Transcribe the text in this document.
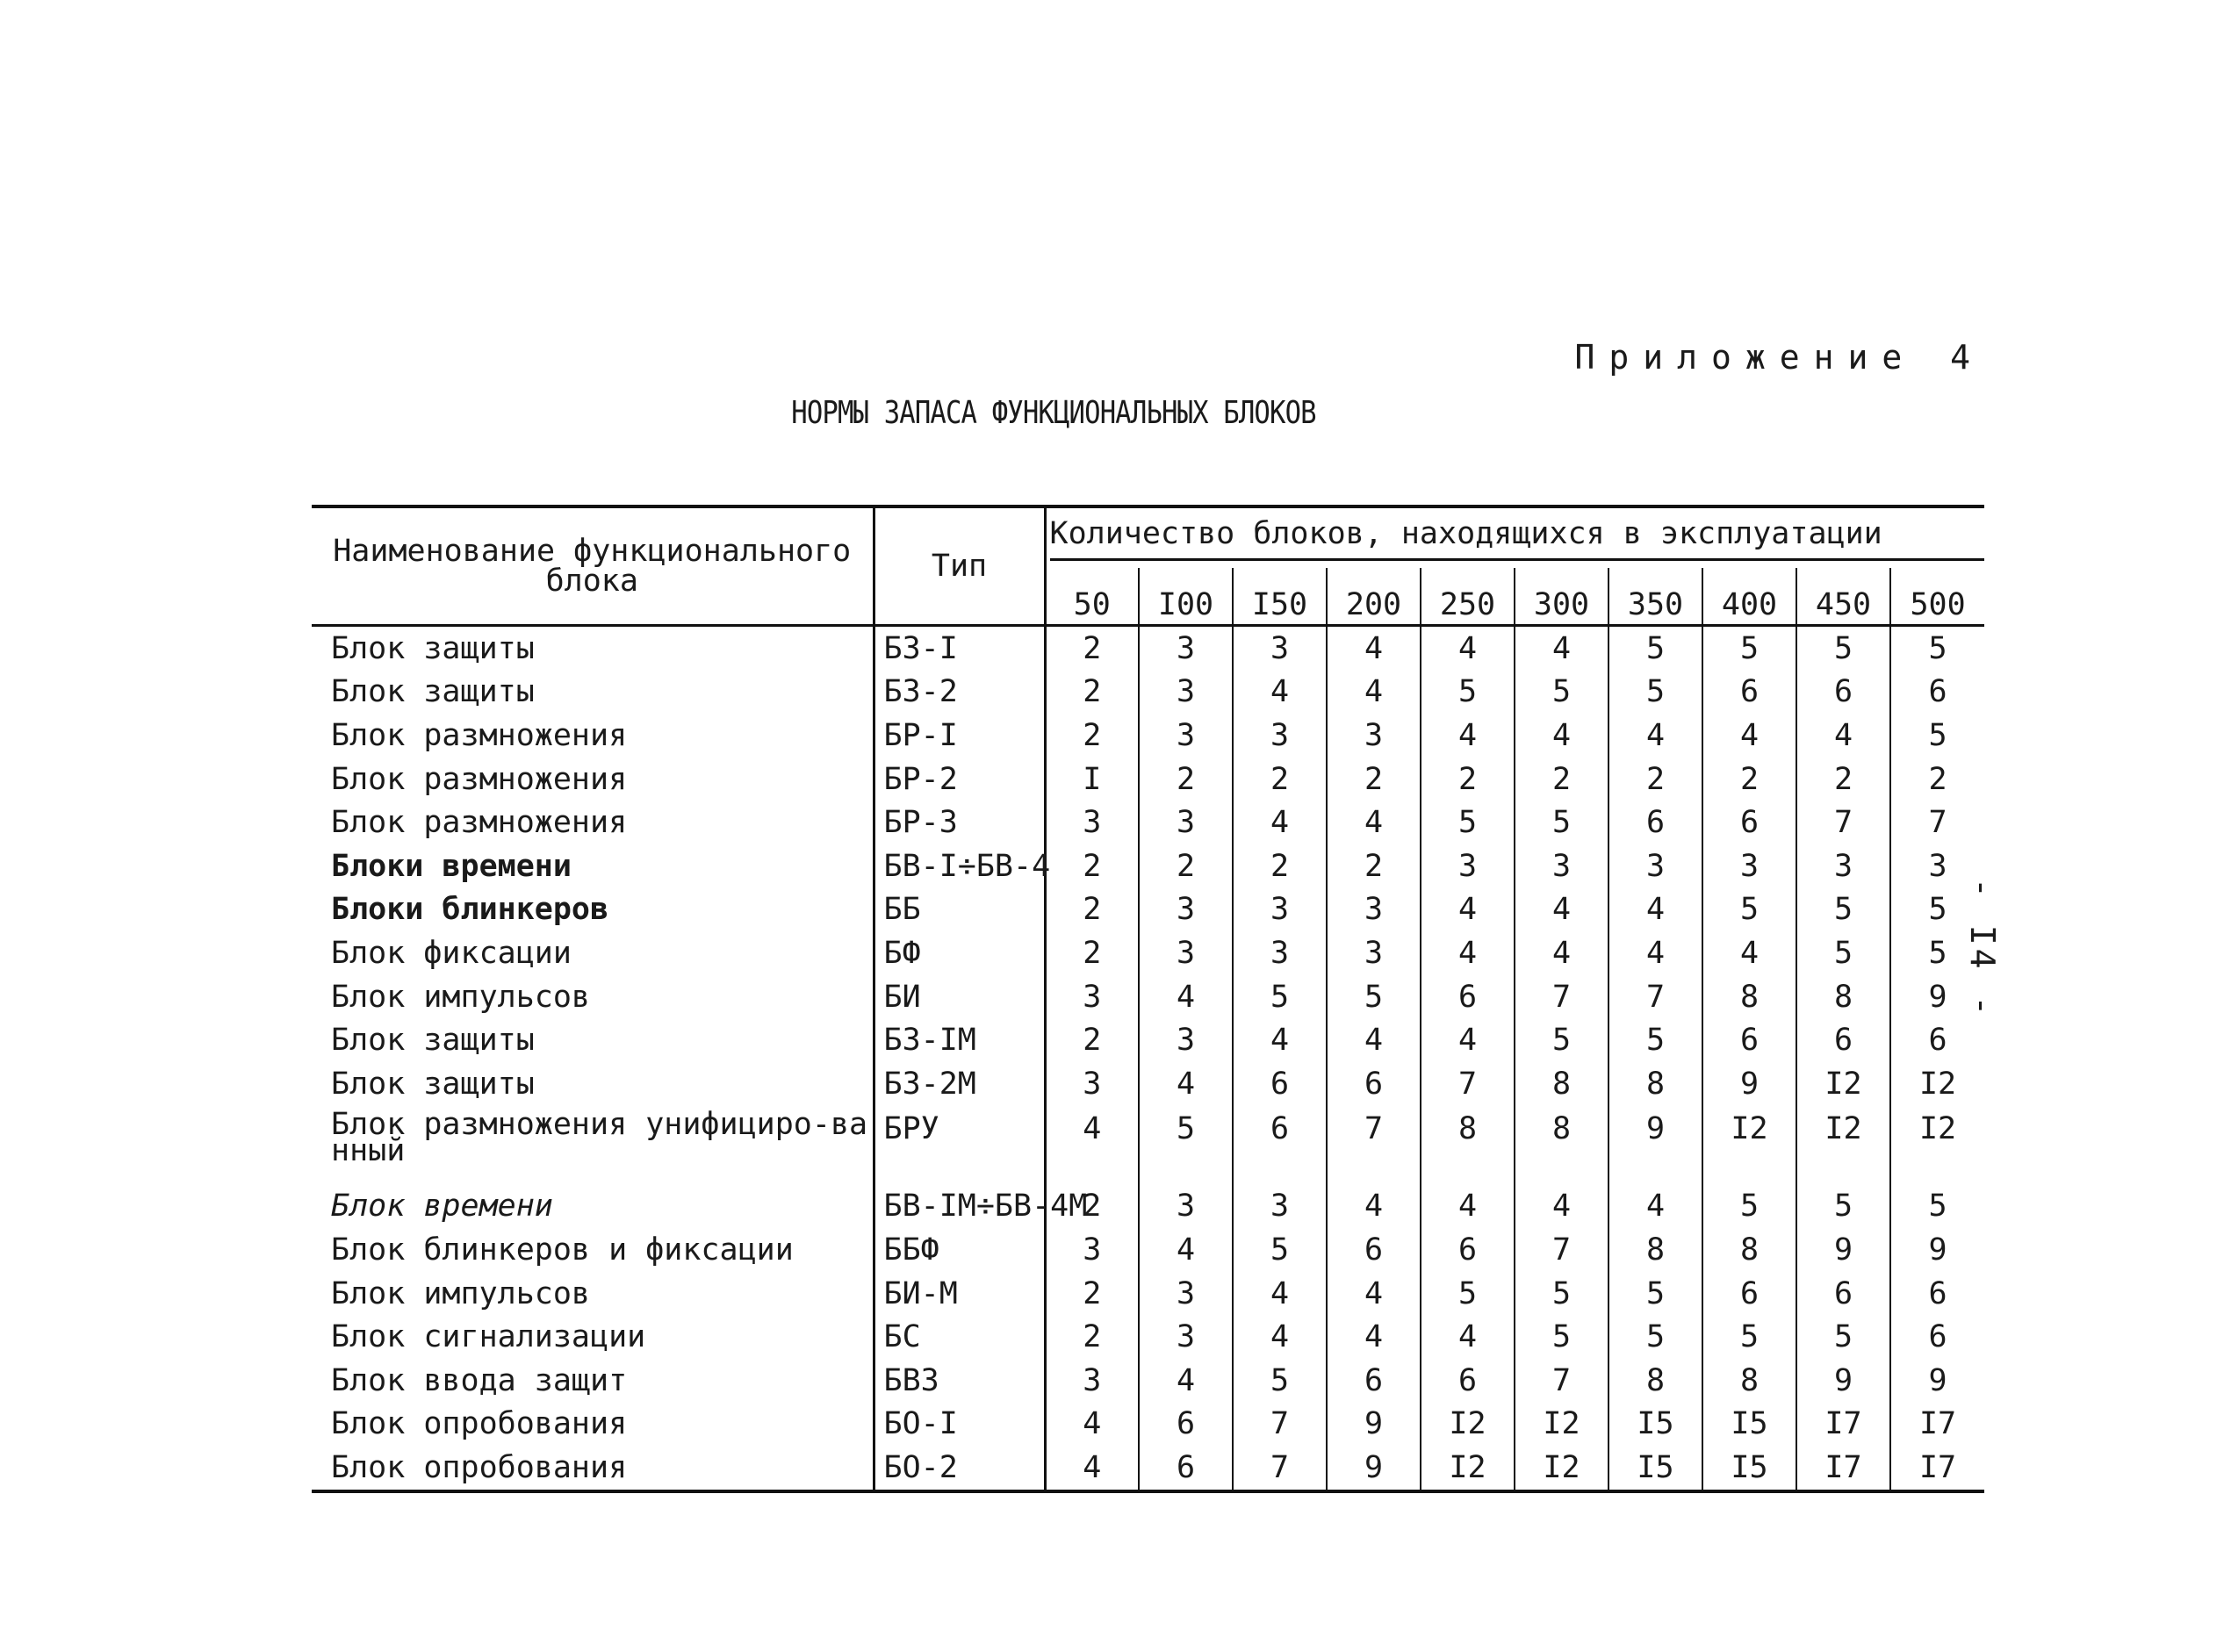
Приложение 4
НОРМЫ ЗАПАСА ФУНКЦИОНАЛЬНЫХ БЛОКОВ
- I4 -
Наименование функционального блока	Тип	Количество блоков, находящихся в эксплуатации									

		50	I00	I50	200	250	300	350	400	450	500
Блок защиты	БЗ-I	2	3	3	4	4	4	5	5	5	5
Блок защиты	БЗ-2	2	3	4	4	5	5	5	6	6	6
Блок размножения	БР-I	2	3	3	3	4	4	4	4	4	5
Блок размножения	БР-2	I	2	2	2	2	2	2	2	2	2
Блок размножения	БР-3	3	3	4	4	5	5	6	6	7	7
Блоки времени	БВ-I÷БВ-4	2	2	2	2	3	3	3	3	3	3
Блоки блинкеров	ББ	2	3	3	3	4	4	4	5	5	5
Блок фиксации	БФ	2	3	3	3	4	4	4	4	5	5
Блок импульсов	БИ	3	4	5	5	6	7	7	8	8	9
Блок защиты	БЗ-IМ	2	3	4	4	4	5	5	6	6	6
Блок защиты	БЗ-2М	3	4	6	6	7	8	8	9	I2	I2
Блок размножения унифициро-ванный	БРУ	4	5	6	7	8	8	9	I2	I2	I2
Блок времени	БВ-IМ÷БВ-4М	2	3	3	4	4	4	4	5	5	5
Блок блинкеров и фиксации	ББФ	3	4	5	6	6	7	8	8	9	9
Блок импульсов	БИ-М	2	3	4	4	5	5	5	6	6	6
Блок сигнализации	БС	2	3	4	4	4	5	5	5	5	6
Блок ввода защит	БВЗ	3	4	5	6	6	7	8	8	9	9
Блок опробования	БО-I	4	6	7	9	I2	I2	I5	I5	I7	I7
Блок опробования	БО-2	4	6	7	9	I2	I2	I5	I5	I7	I7
